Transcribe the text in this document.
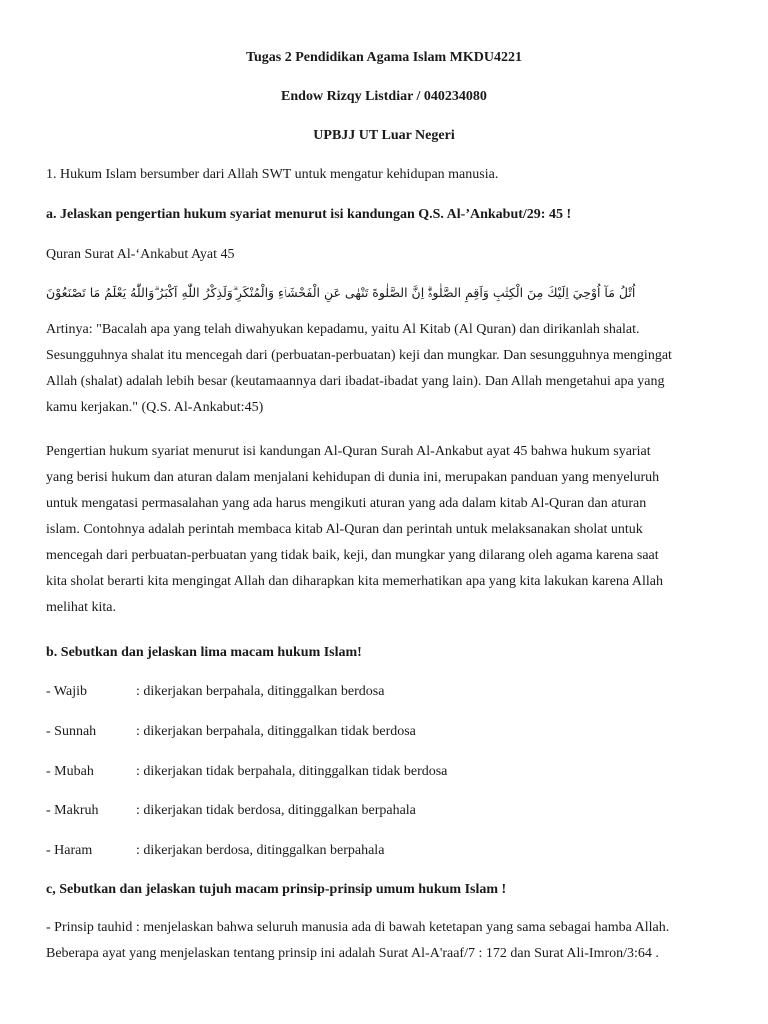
Tugas 2 Pendidikan Agama Islam MKDU4221
Endow Rizqy Listdiar / 040234080
UPBJJ UT Luar Negeri
1. Hukum Islam bersumber dari Allah SWT untuk mengatur kehidupan manusia.
a. Jelaskan pengertian hukum syariat menurut isi kandungan Q.S. Al-’Ankabut/29: 45 !
Quran Surat Al-‘Ankabut Ayat 45
اُتْلُ مَآ اُوْحِيَ اِلَيْكَ مِنَ الْكِتٰبِ وَاَقِمِ الصَّلٰوةَۗ اِنَّ الصَّلٰوةَ تَنْهٰى عَنِ الْفَحْشَاۤءِ وَالْمُنْكَرِ ۗوَلَذِكْرُ اللّٰهِ اَكْبَرُ ۗوَاللّٰهُ يَعْلَمُ مَا تَصْنَعُوْنَ
Artinya: "Bacalah apa yang telah diwahyukan kepadamu, yaitu Al Kitab (Al Quran) dan dirikanlah shalat.
Sesungguhnya shalat itu mencegah dari (perbuatan-perbuatan) keji dan mungkar. Dan sesungguhnya mengingat
Allah (shalat) adalah lebih besar (keutamaannya dari ibadat-ibadat yang lain). Dan Allah mengetahui apa yang
kamu kerjakan." (Q.S. Al-Ankabut:45)
Pengertian hukum syariat menurut isi kandungan Al-Quran Surah Al-Ankabut ayat 45 bahwa hukum syariat
yang berisi hukum dan aturan dalam menjalani kehidupan di dunia ini, merupakan panduan yang menyeluruh
untuk mengatasi permasalahan yang ada harus mengikuti aturan yang ada dalam kitab Al-Quran dan aturan
islam. Contohnya adalah perintah membaca kitab Al-Quran dan perintah untuk melaksanakan sholat untuk
mencegah dari perbuatan-perbuatan yang tidak baik, keji, dan mungkar yang dilarang oleh agama karena saat
kita sholat berarti kita mengingat Allah dan diharapkan kita memerhatikan apa yang kita lakukan karena Allah
melihat kita.
b. Sebutkan dan jelaskan lima macam hukum Islam!
- Wajib	: dikerjakan berpahala, ditinggalkan berdosa
- Sunnah	: dikerjakan berpahala, ditinggalkan tidak berdosa
- Mubah	: dikerjakan tidak berpahala, ditinggalkan tidak berdosa
- Makruh	: dikerjakan tidak berdosa, ditinggalkan berpahala
- Haram	: dikerjakan berdosa, ditinggalkan berpahala
c, Sebutkan dan jelaskan tujuh macam prinsip-prinsip umum hukum Islam !
- Prinsip tauhid : menjelaskan bahwa seluruh manusia ada di bawah ketetapan yang sama sebagai hamba Allah.
Beberapa ayat yang menjelaskan tentang prinsip ini adalah Surat Al-A'raaf/7 : 172 dan Surat Ali-Imron/3:64 .
